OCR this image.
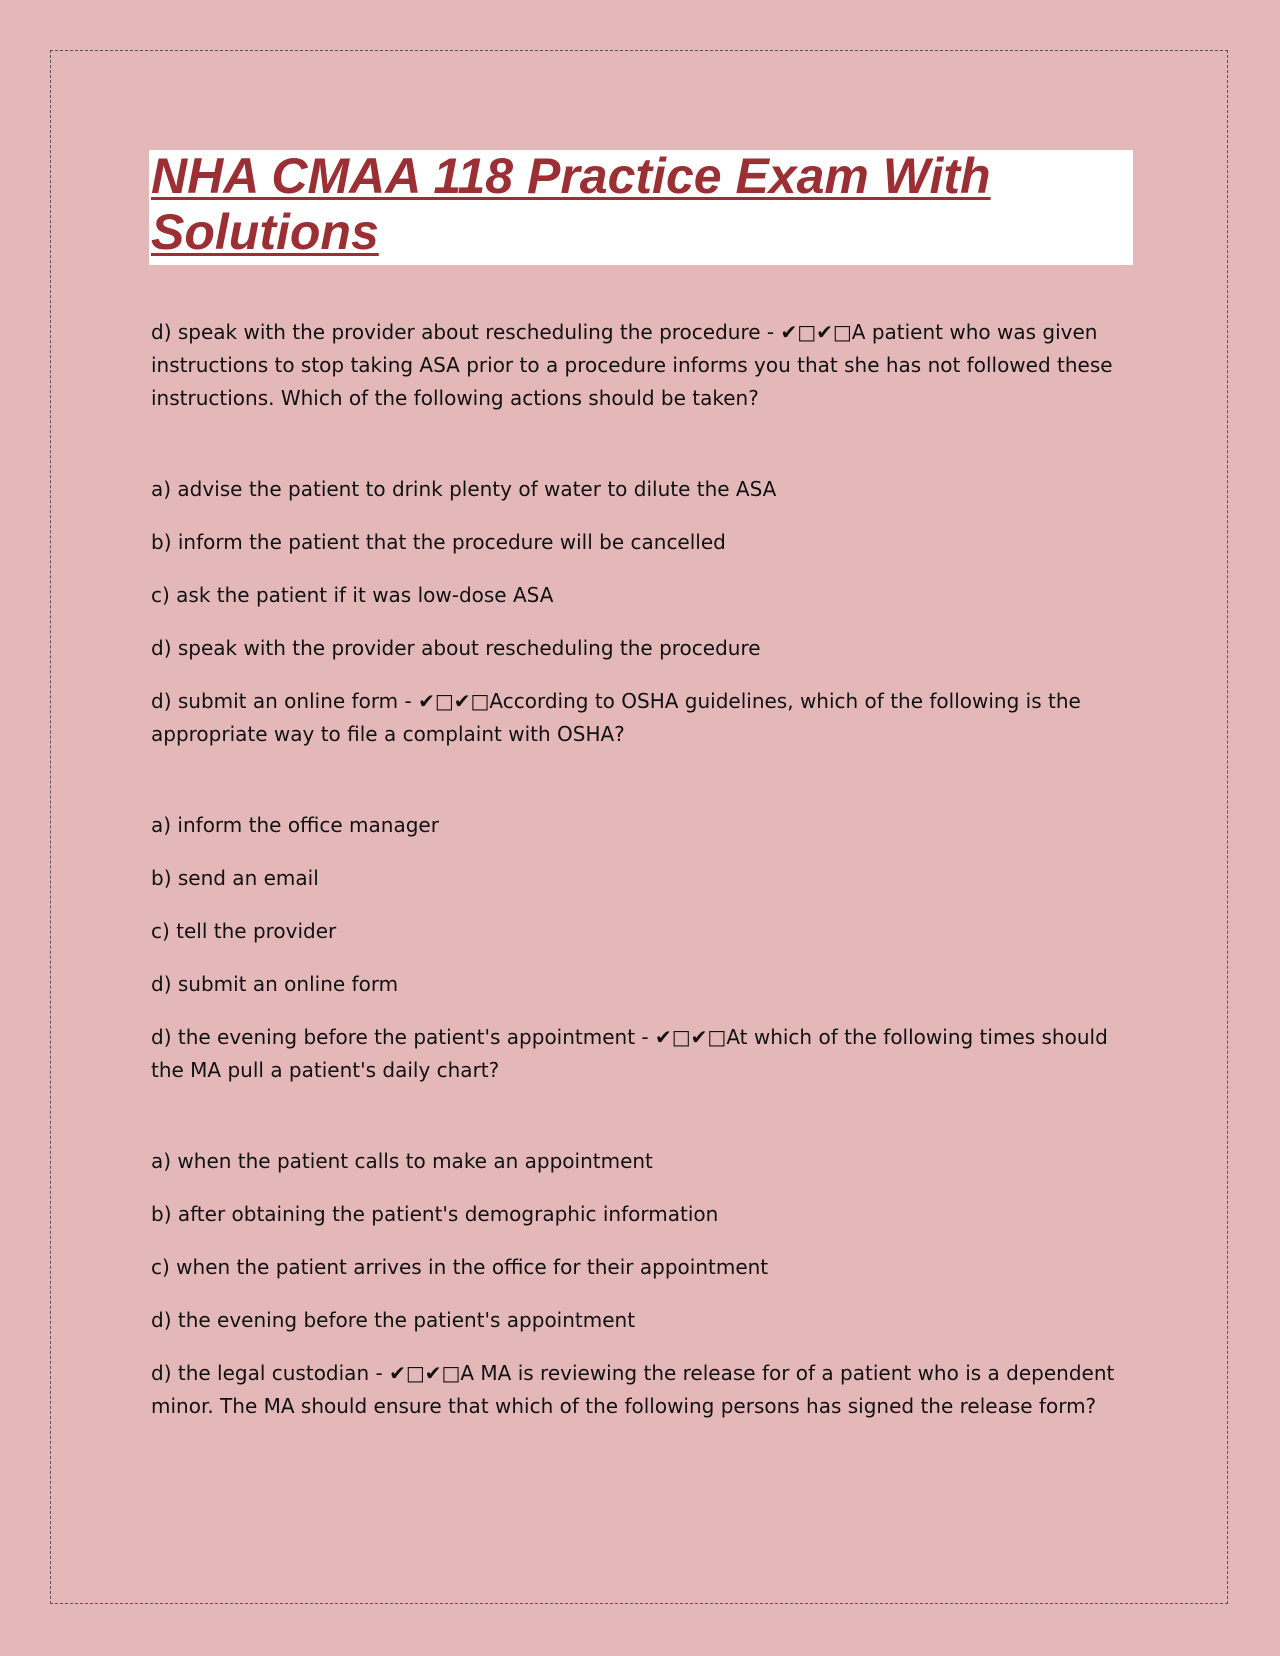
NHA CMAA 118 Practice Exam With Solutions

d) speak with the provider about rescheduling the procedure - ✔□✔□A patient who was given instructions to stop taking ASA prior to a procedure informs you that she has not followed these instructions. Which of the following actions should be taken?

a) advise the patient to drink plenty of water to dilute the ASA

b) inform the patient that the procedure will be cancelled

c) ask the patient if it was low-dose ASA

d) speak with the provider about rescheduling the procedure

d) submit an online form - ✔□✔□According to OSHA guidelines, which of the following is the appropriate way to file a complaint with OSHA?

a) inform the office manager

b) send an email

c) tell the provider

d) submit an online form

d) the evening before the patient's appointment - ✔□✔□At which of the following times should the MA pull a patient's daily chart?

a) when the patient calls to make an appointment

b) after obtaining the patient's demographic information

c) when the patient arrives in the office for their appointment

d) the evening before the patient's appointment

d) the legal custodian - ✔□✔□A MA is reviewing the release for of a patient who is a dependent minor. The MA should ensure that which of the following persons has signed the release form?
